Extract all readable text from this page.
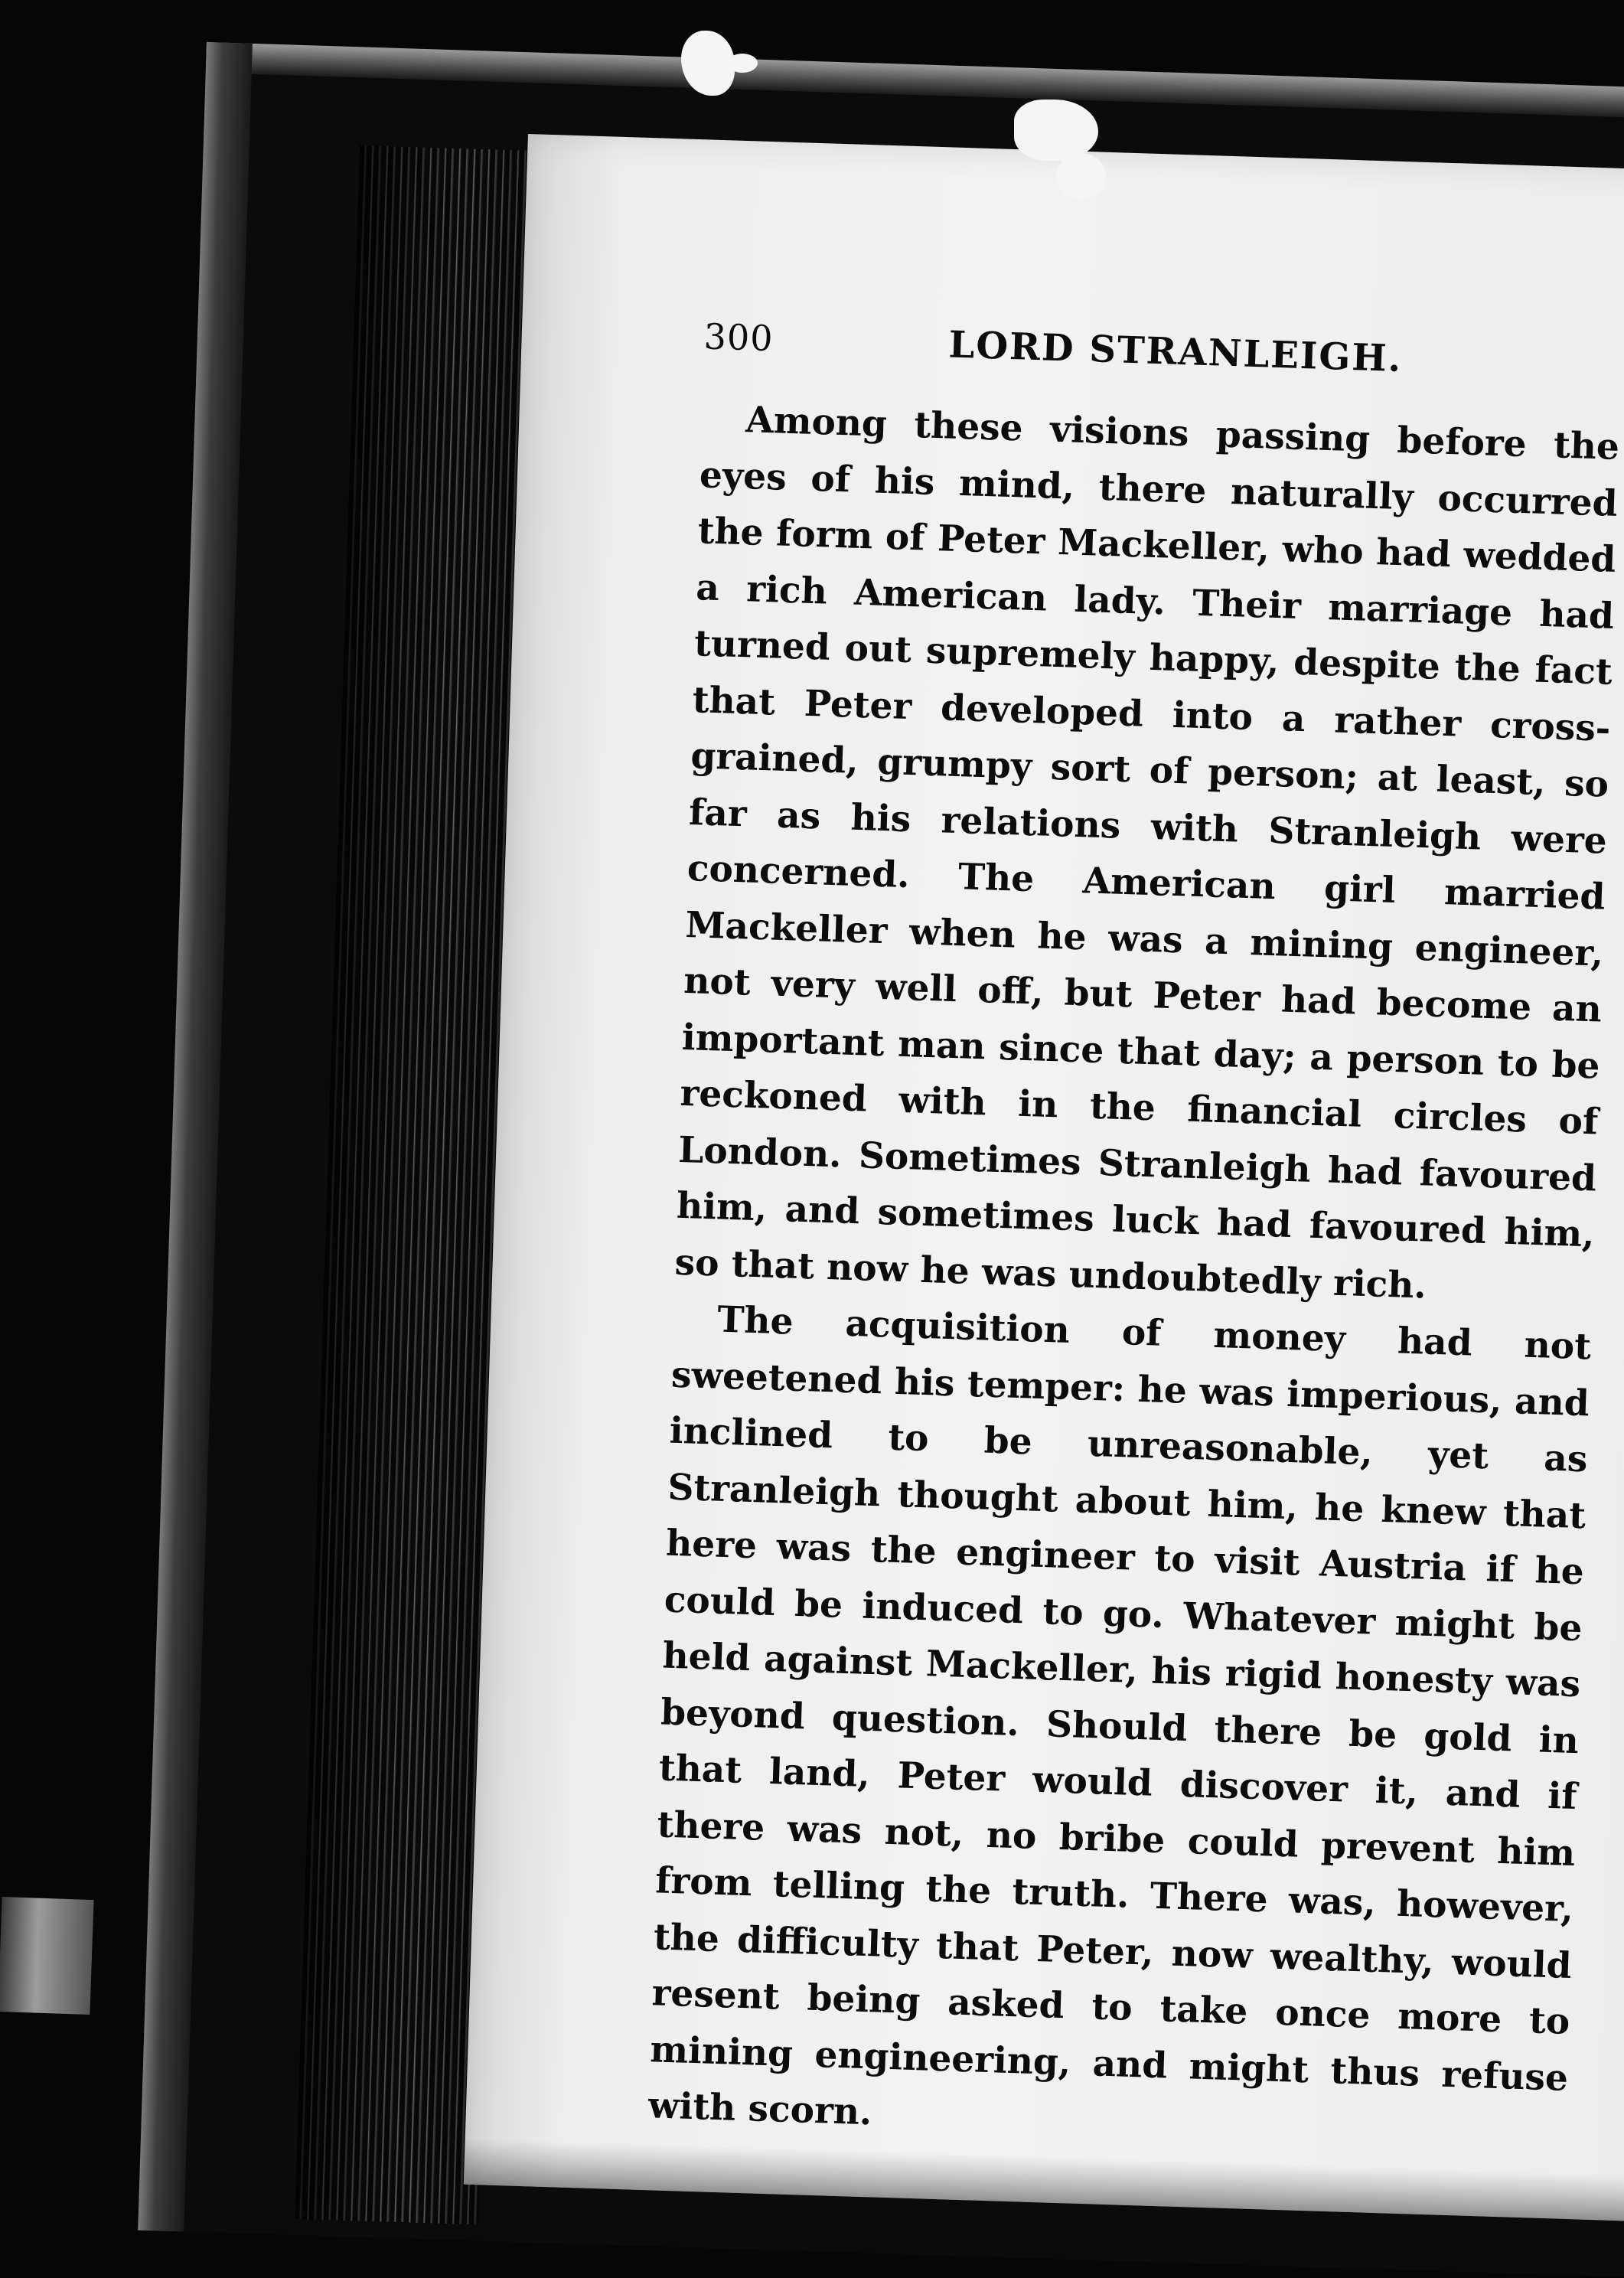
300	LORD STRANLEIGH.

Among these visions passing before the eyes of his mind, there naturally occurred the form of Peter Mackeller, who had wedded a rich American lady. Their marriage had turned out supremely happy, despite the fact that Peter developed into a rather cross-grained, grumpy sort of person; at least, so far as his relations with Stranleigh were concerned. The American girl married Mackeller when he was a mining engineer, not very well off, but Peter had become an important man since that day; a person to be reckoned with in the financial circles of London. Sometimes Stranleigh had favoured him, and sometimes luck had favoured him, so that now he was undoubtedly rich.

The acquisition of money had not sweetened his temper: he was imperious, and inclined to be unreasonable, yet as Stranleigh thought about him, he knew that here was the engineer to visit Austria if he could be induced to go. Whatever might be held against Mackeller, his rigid honesty was beyond question. Should there be gold in that land, Peter would discover it, and if there was not, no bribe could prevent him from telling the truth. There was, however, the difficulty that Peter, now wealthy, would resent being asked to take once more to mining engineering, and might thus refuse with scorn.
